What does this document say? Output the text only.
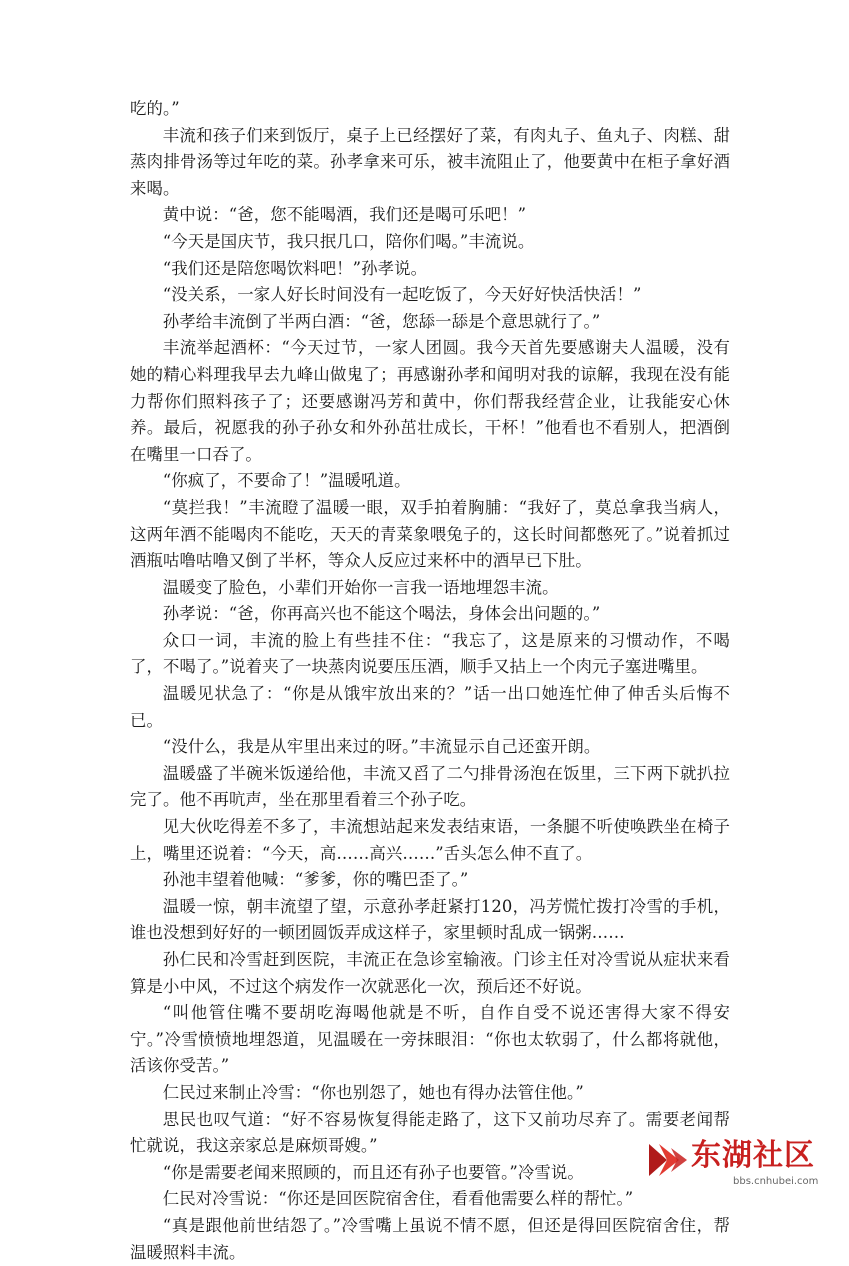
吃的。”

丰流和孩子们来到饭厅，桌子上已经摆好了菜，有肉丸子、鱼丸子、肉糕、甜蒸肉排骨汤等过年吃的菜。孙孝拿来可乐，被丰流阻止了，他要黄中在柜子拿好酒来喝。

黄中说：“爸，您不能喝酒，我们还是喝可乐吧！”

“今天是国庆节，我只抿几口，陪你们喝。”丰流说。

“我们还是陪您喝饮料吧！”孙孝说。

“没关系，一家人好长时间没有一起吃饭了，今天好好快活快活！”

孙孝给丰流倒了半两白酒：“爸，您舔一舔是个意思就行了。”

丰流举起酒杯：“今天过节，一家人团圆。我今天首先要感谢夫人温暖，没有她的精心料理我早去九峰山做鬼了；再感谢孙孝和闻明对我的谅解，我现在没有能力帮你们照料孩子了；还要感谢冯芳和黄中，你们帮我经营企业，让我能安心休养。最后，祝愿我的孙子孙女和外孙茁壮成长，干杯！”他看也不看别人，把酒倒在嘴里一口吞了。

“你疯了，不要命了！”温暖吼道。

“莫拦我！”丰流瞪了温暖一眼，双手拍着胸脯：“我好了，莫总拿我当病人，这两年酒不能喝肉不能吃，天天的青菜象喂兔子的，这长时间都憋死了。”说着抓过酒瓶咕噜咕噜又倒了半杯，等众人反应过来杯中的酒早已下肚。

温暖变了脸色，小辈们开始你一言我一语地埋怨丰流。

孙孝说：“爸，你再高兴也不能这个喝法，身体会出问题的。”

众口一词，丰流的脸上有些挂不住：“我忘了，这是原来的习惯动作，不喝了，不喝了。”说着夹了一块蒸肉说要压压酒，顺手又拈上一个肉元子塞进嘴里。

温暖见状急了：“你是从饿牢放出来的？”话一出口她连忙伸了伸舌头后悔不已。

“没什么，我是从牢里出来过的呀。”丰流显示自己还蛮开朗。

温暖盛了半碗米饭递给他，丰流又舀了二勺排骨汤泡在饭里，三下两下就扒拉完了。他不再吭声，坐在那里看着三个孙子吃。

见大伙吃得差不多了，丰流想站起来发表结束语，一条腿不听使唤跌坐在椅子上，嘴里还说着：“今天，高……高兴……”舌头怎么伸不直了。

孙池丰望着他喊：“爹爹，你的嘴巴歪了。”

温暖一惊，朝丰流望了望，示意孙孝赶紧打120，冯芳慌忙拨打冷雪的手机，谁也没想到好好的一顿团圆饭弄成这样子，家里顿时乱成一锅粥……

孙仁民和冷雪赶到医院，丰流正在急诊室输液。门诊主任对冷雪说从症状来看算是小中风，不过这个病发作一次就恶化一次，预后还不好说。

“叫他管住嘴不要胡吃海喝他就是不听，自作自受不说还害得大家不得安宁。”冷雪愤愤地埋怨道，见温暖在一旁抹眼泪：“你也太软弱了，什么都将就他，活该你受苦。”

仁民过来制止冷雪：“你也别怨了，她也有得办法管住他。”

思民也叹气道：“好不容易恢复得能走路了，这下又前功尽弃了。需要老闻帮忙就说，我这亲家总是麻烦哥嫂。”

“你是需要老闻来照顾的，而且还有孙子也要管。”冷雪说。

仁民对冷雪说：“你还是回医院宿舍住，看看他需要么样的帮忙。”

“真是跟他前世结怨了。”冷雪嘴上虽说不情不愿，但还是得回医院宿舍住，帮温暖照料丰流。

东湖社区
bbs.cnhubei.com
